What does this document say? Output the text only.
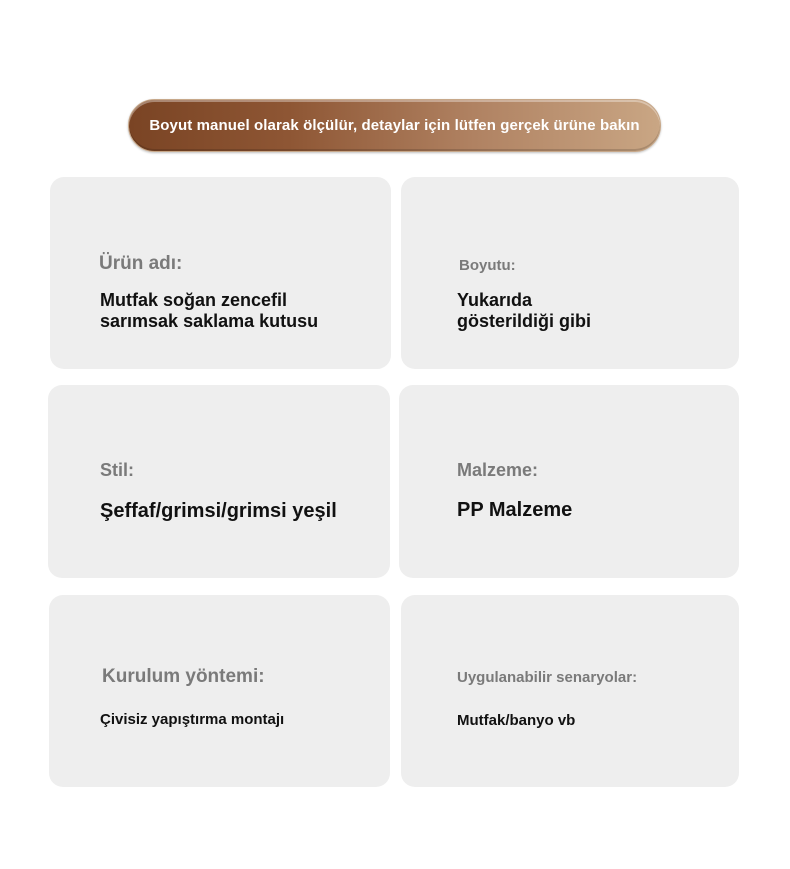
Boyut manuel olarak ölçülür, detaylar için lütfen gerçek ürüne bakın
Ürün adı:
Mutfak soğan zencefil sarımsak saklama kutusu
Boyutu:
Yukarıda gösterildiği gibi
Stil:
Şeffaf/grimsi/grimsi yeşil
Malzeme:
PP Malzeme
Kurulum yöntemi:
Çivisiz yapıştırma montajı
Uygulanabilir senaryolar:
Mutfak/banyo vb
